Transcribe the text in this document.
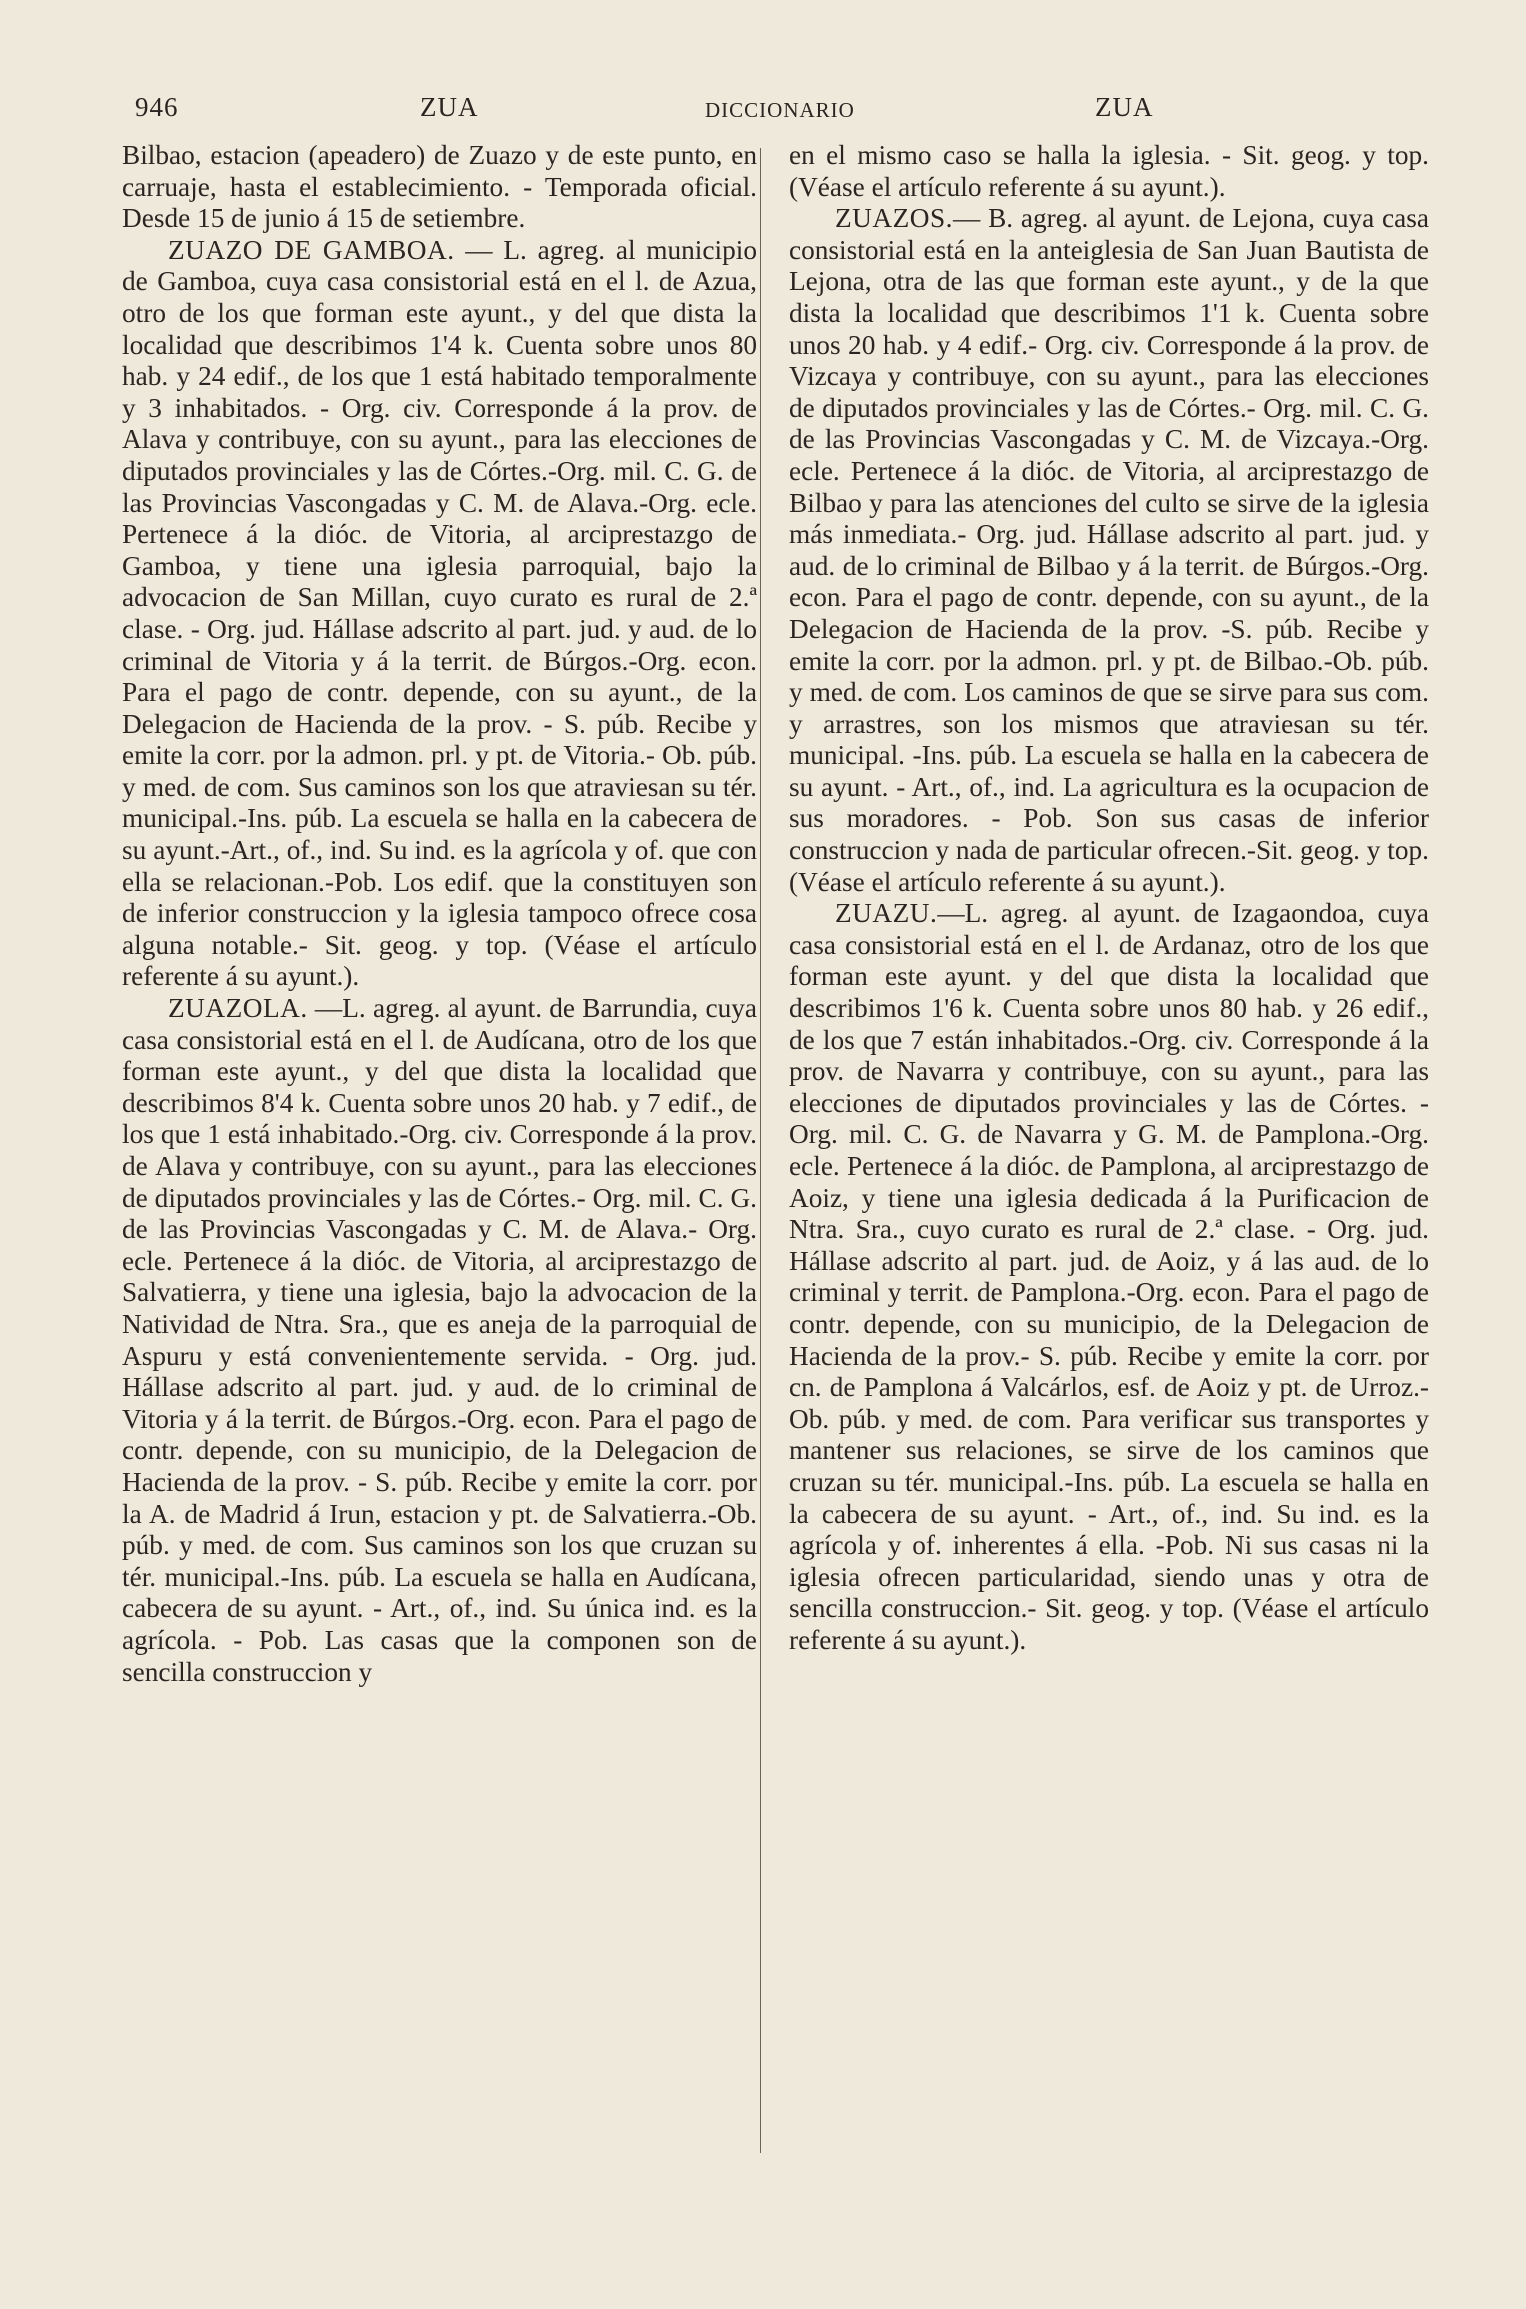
946	ZUA	DICCIONARIO	ZUA

Bilbao, estacion (apeadero) de Zuazo y de este punto, en carruaje, hasta el establecimiento. - Temporada oficial. Desde 15 de junio á 15 de setiembre.

ZUAZO DE GAMBOA. — L. agreg. al municipio de Gamboa, cuya casa consistorial está en el l. de Azua, otro de los que forman este ayunt., y del que dista la localidad que describimos 1'4 k. Cuenta sobre unos 80 hab. y 24 edif., de los que 1 está habitado temporalmente y 3 inhabitados. - Org. civ. Corresponde á la prov. de Alava y contribuye, con su ayunt., para las elecciones de diputados provinciales y las de Córtes.-Org. mil. C. G. de las Provincias Vascongadas y C. M. de Alava.-Org. ecle. Pertenece á la dióc. de Vitoria, al arciprestazgo de Gamboa, y tiene una iglesia parroquial, bajo la advocacion de San Millan, cuyo curato es rural de 2.ª clase. - Org. jud. Hállase adscrito al part. jud. y aud. de lo criminal de Vitoria y á la territ. de Búrgos.-Org. econ. Para el pago de contr. depende, con su ayunt., de la Delegacion de Hacienda de la prov. - S. púb. Recibe y emite la corr. por la admon. prl. y pt. de Vitoria.- Ob. púb. y med. de com. Sus caminos son los que atraviesan su tér. municipal.-Ins. púb. La escuela se halla en la cabecera de su ayunt.-Art., of., ind. Su ind. es la agrícola y of. que con ella se relacionan.-Pob. Los edif. que la constituyen son de inferior construccion y la iglesia tampoco ofrece cosa alguna notable.- Sit. geog. y top. (Véase el artículo referente á su ayunt.).

ZUAZOLA. —L. agreg. al ayunt. de Barrundia, cuya casa consistorial está en el l. de Audícana, otro de los que forman este ayunt., y del que dista la localidad que describimos 8'4 k. Cuenta sobre unos 20 hab. y 7 edif., de los que 1 está inhabitado.-Org. civ. Corresponde á la prov. de Alava y contribuye, con su ayunt., para las elecciones de diputados provinciales y las de Córtes.- Org. mil. C. G. de las Provincias Vascongadas y C. M. de Alava.- Org. ecle. Pertenece á la dióc. de Vitoria, al arciprestazgo de Salvatierra, y tiene una iglesia, bajo la advocacion de la Natividad de Ntra. Sra., que es aneja de la parroquial de Aspuru y está convenientemente servida. - Org. jud. Hállase adscrito al part. jud. y aud. de lo criminal de Vitoria y á la territ. de Búrgos.-Org. econ. Para el pago de contr. depende, con su municipio, de la Delegacion de Hacienda de la prov. - S. púb. Recibe y emite la corr. por la A. de Madrid á Irun, estacion y pt. de Salvatierra.-Ob. púb. y med. de com. Sus caminos son los que cruzan su tér. municipal.-Ins. púb. La escuela se halla en Audícana, cabecera de su ayunt. - Art., of., ind. Su única ind. es la agrícola. - Pob. Las casas que la componen son de sencilla construccion y

en el mismo caso se halla la iglesia. - Sit. geog. y top. (Véase el artículo referente á su ayunt.).

ZUAZOS.— B. agreg. al ayunt. de Lejona, cuya casa consistorial está en la anteiglesia de San Juan Bautista de Lejona, otra de las que forman este ayunt., y de la que dista la localidad que describimos 1'1 k. Cuenta sobre unos 20 hab. y 4 edif.- Org. civ. Corresponde á la prov. de Vizcaya y contribuye, con su ayunt., para las elecciones de diputados provinciales y las de Córtes.- Org. mil. C. G. de las Provincias Vascongadas y C. M. de Vizcaya.-Org. ecle. Pertenece á la dióc. de Vitoria, al arciprestazgo de Bilbao y para las atenciones del culto se sirve de la iglesia más inmediata.- Org. jud. Hállase adscrito al part. jud. y aud. de lo criminal de Bilbao y á la territ. de Búrgos.-Org. econ. Para el pago de contr. depende, con su ayunt., de la Delegacion de Hacienda de la prov. -S. púb. Recibe y emite la corr. por la admon. prl. y pt. de Bilbao.-Ob. púb. y med. de com. Los caminos de que se sirve para sus com. y arrastres, son los mismos que atraviesan su tér. municipal. -Ins. púb. La escuela se halla en la cabecera de su ayunt. - Art., of., ind. La agricultura es la ocupacion de sus moradores. - Pob. Son sus casas de inferior construccion y nada de particular ofrecen.-Sit. geog. y top. (Véase el artículo referente á su ayunt.).

ZUAZU.—L. agreg. al ayunt. de Izagaondoa, cuya casa consistorial está en el l. de Ardanaz, otro de los que forman este ayunt. y del que dista la localidad que describimos 1'6 k. Cuenta sobre unos 80 hab. y 26 edif., de los que 7 están inhabitados.-Org. civ. Corresponde á la prov. de Navarra y contribuye, con su ayunt., para las elecciones de diputados provinciales y las de Córtes. - Org. mil. C. G. de Navarra y G. M. de Pamplona.-Org. ecle. Pertenece á la dióc. de Pamplona, al arciprestazgo de Aoiz, y tiene una iglesia dedicada á la Purificacion de Ntra. Sra., cuyo curato es rural de 2.ª clase. - Org. jud. Hállase adscrito al part. jud. de Aoiz, y á las aud. de lo criminal y territ. de Pamplona.-Org. econ. Para el pago de contr. depende, con su municipio, de la Delegacion de Hacienda de la prov.- S. púb. Recibe y emite la corr. por cn. de Pamplona á Valcárlos, esf. de Aoiz y pt. de Urroz.-Ob. púb. y med. de com. Para verificar sus transportes y mantener sus relaciones, se sirve de los caminos que cruzan su tér. municipal.-Ins. púb. La escuela se halla en la cabecera de su ayunt. - Art., of., ind. Su ind. es la agrícola y of. inherentes á ella. -Pob. Ni sus casas ni la iglesia ofrecen particularidad, siendo unas y otra de sencilla construccion.- Sit. geog. y top. (Véase el artículo referente á su ayunt.).
